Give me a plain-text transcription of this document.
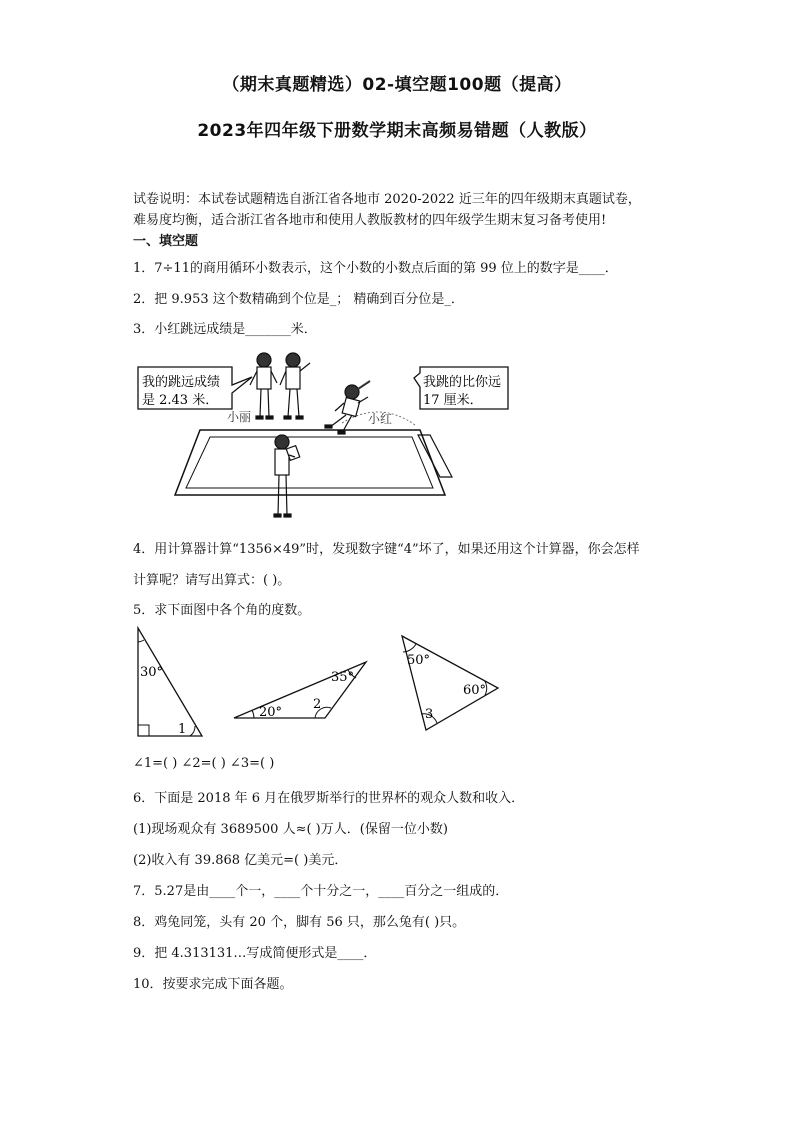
（期末真题精选）02-填空题100题（提高）
2023年四年级下册数学期末高频易错题（人教版）
试卷说明：本试卷试题精选自浙江省各地市 2020-2022 近三年的四年级期末真题试卷，
难易度均衡，适合浙江省各地市和使用人教版教材的四年级学生期末复习备考使用!
一、填空题
1．7÷11的商用循环小数表示，这个小数的小数点后面的第 99 位上的数字是____．
2．把 9.953 这个数精确到个位是_； 精确到百分位是_．
3．小红跳远成绩是_______米．
我的跳远成绩
是 2.43 米．
我跳的比你远
17 厘米．
小丽	小红
4．用计算器计算“1356×49”时，发现数字键“4”坏了，如果还用这个计算器，你会怎样
计算呢？请写出算式：( )。
5．求下面图中各个角的度数。
30°
1
35°
20°
2
50°
60°
3
∠1=( ) ∠2=( ) ∠3=( )
6．下面是 2018 年 6 月在俄罗斯举行的世界杯的观众人数和收入．
(1)现场观众有 3689500 人≈( )万人．(保留一位小数)
(2)收入有 39.868 亿美元=( )美元．
7．5.27是由____个一，____个十分之一，____百分之一组成的．
8．鸡兔同笼，头有 20 个，脚有 56 只，那么兔有( )只。
9．把 4.313131…写成简便形式是____．
10．按要求完成下面各题。
